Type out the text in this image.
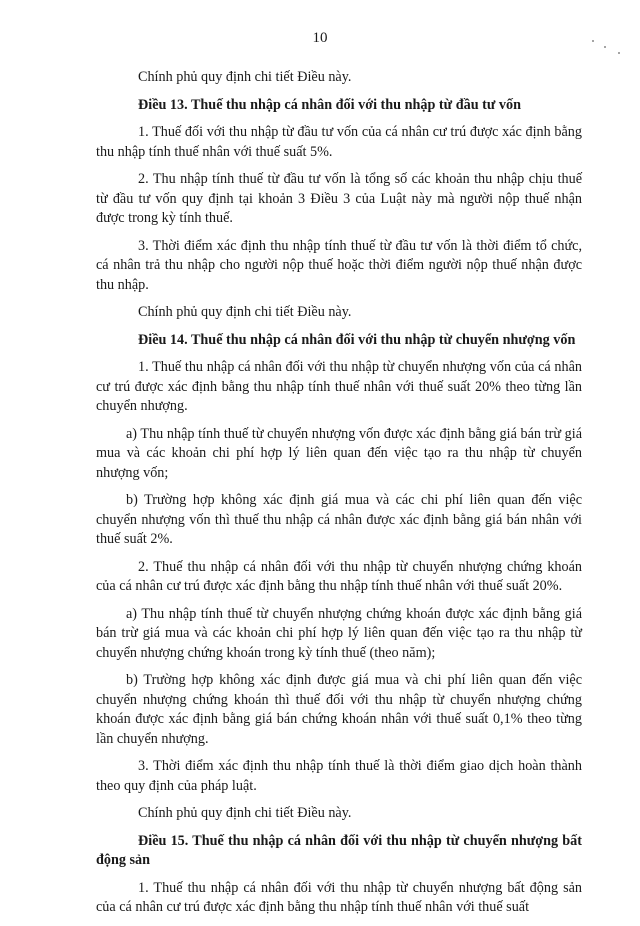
10

Chính phủ quy định chi tiết Điều này.

Điều 13. Thuế thu nhập cá nhân đối với thu nhập từ đầu tư vốn

1. Thuế đối với thu nhập từ đầu tư vốn của cá nhân cư trú được xác định bằng thu nhập tính thuế nhân với thuế suất 5%.

2. Thu nhập tính thuế từ đầu tư vốn là tổng số các khoản thu nhập chịu thuế từ đầu tư vốn quy định tại khoản 3 Điều 3 của Luật này mà người nộp thuế nhận được trong kỳ tính thuế.

3. Thời điểm xác định thu nhập tính thuế từ đầu tư vốn là thời điểm tổ chức, cá nhân trả thu nhập cho người nộp thuế hoặc thời điểm người nộp thuế nhận được thu nhập.

Chính phủ quy định chi tiết Điều này.

Điều 14. Thuế thu nhập cá nhân đối với thu nhập từ chuyển nhượng vốn

1. Thuế thu nhập cá nhân đối với thu nhập từ chuyển nhượng vốn của cá nhân cư trú được xác định bằng thu nhập tính thuế nhân với thuế suất 20% theo từng lần chuyển nhượng.

a) Thu nhập tính thuế từ chuyển nhượng vốn được xác định bằng giá bán trừ giá mua và các khoản chi phí hợp lý liên quan đến việc tạo ra thu nhập từ chuyển nhượng vốn;

b) Trường hợp không xác định giá mua và các chi phí liên quan đến việc chuyển nhượng vốn thì thuế thu nhập cá nhân được xác định bằng giá bán nhân với thuế suất 2%.

2. Thuế thu nhập cá nhân đối với thu nhập từ chuyển nhượng chứng khoán của cá nhân cư trú được xác định bằng thu nhập tính thuế nhân với thuế suất 20%.

a) Thu nhập tính thuế từ chuyển nhượng chứng khoán được xác định bằng giá bán trừ giá mua và các khoản chi phí hợp lý liên quan đến việc tạo ra thu nhập từ chuyển nhượng chứng khoán trong kỳ tính thuế (theo năm);

b) Trường hợp không xác định được giá mua và chi phí liên quan đến việc chuyển nhượng chứng khoán thì thuế đối với thu nhập từ chuyển nhượng chứng khoán được xác định bằng giá bán chứng khoán nhân với thuế suất 0,1% theo từng lần chuyển nhượng.

3. Thời điểm xác định thu nhập tính thuế là thời điểm giao dịch hoàn thành theo quy định của pháp luật.

Chính phủ quy định chi tiết Điều này.

Điều 15. Thuế thu nhập cá nhân đối với thu nhập từ chuyển nhượng bất động sản

1. Thuế thu nhập cá nhân đối với thu nhập từ chuyển nhượng bất động sản của cá nhân cư trú được xác định bằng thu nhập tính thuế nhân với thuế suất
